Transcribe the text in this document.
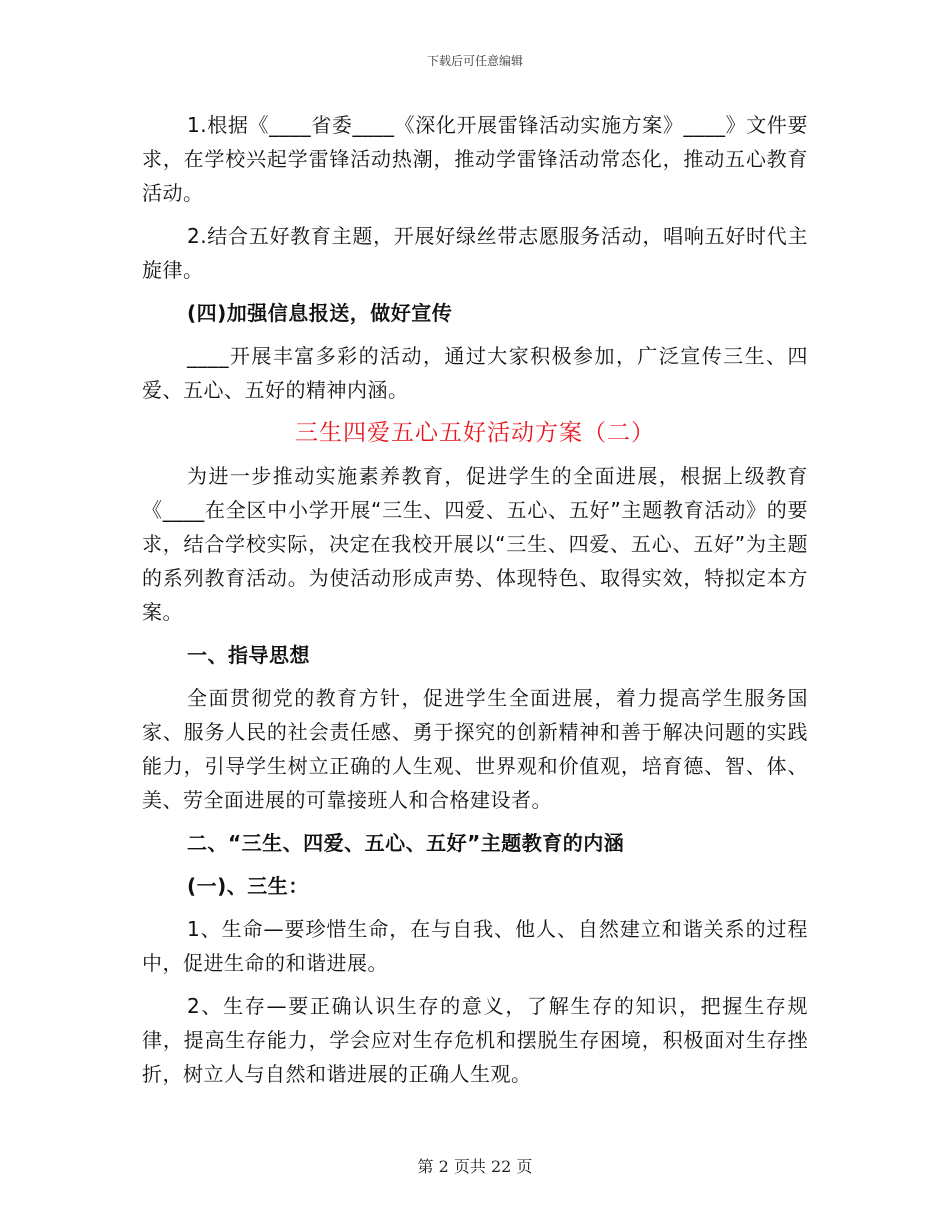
下载后可任意编辑

1.根据《____省委____《深化开展雷锋活动实施方案》____》文件要求，在学校兴起学雷锋活动热潮，推动学雷锋活动常态化，推动五心教育活动。

2.结合五好教育主题，开展好绿丝带志愿服务活动，唱响五好时代主旋律。

(四)加强信息报送，做好宣传

____开展丰富多彩的活动，通过大家积极参加，广泛宣传三生、四爱、五心、五好的精神内涵。

三生四爱五心五好活动方案（二）

为进一步推动实施素养教育，促进学生的全面进展，根据上级教育《____在全区中小学开展“三生、四爱、五心、五好”主题教育活动》的要求，结合学校实际，决定在我校开展以“三生、四爱、五心、五好”为主题的系列教育活动。为使活动形成声势、体现特色、取得实效，特拟定本方案。

一、指导思想

全面贯彻党的教育方针，促进学生全面进展，着力提高学生服务国家、服务人民的社会责任感、勇于探究的创新精神和善于解决问题的实践能力，引导学生树立正确的人生观、世界观和价值观，培育德、智、体、美、劳全面进展的可靠接班人和合格建设者。

二、“三生、四爱、五心、五好”主题教育的内涵

(一)、三生：

1、生命—要珍惜生命，在与自我、他人、自然建立和谐关系的过程中，促进生命的和谐进展。

2、生存—要正确认识生存的意义，了解生存的知识，把握生存规律，提高生存能力，学会应对生存危机和摆脱生存困境，积极面对生存挫折，树立人与自然和谐进展的正确人生观。

第 2 页共 22 页
